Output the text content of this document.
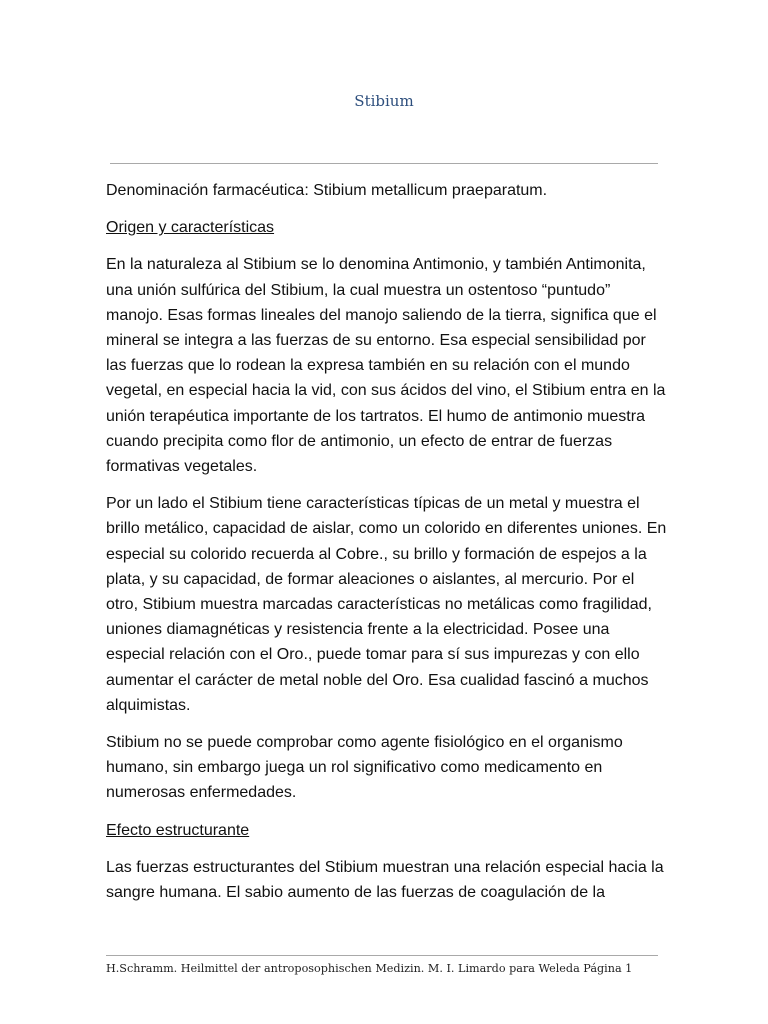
Stibium

Denominación farmacéutica: Stibium metallicum praeparatum.

Origen y características

En la naturaleza al Stibium se lo denomina Antimonio, y también Antimonita, una unión sulfúrica del Stibium, la cual muestra un ostentoso “puntudo” manojo. Esas formas lineales del manojo saliendo de la tierra, significa que el mineral se integra a las fuerzas de su entorno. Esa especial sensibilidad por las fuerzas que lo rodean la expresa también en su relación con el mundo vegetal, en especial hacia la vid, con sus ácidos del vino, el Stibium entra en la unión terapéutica importante de los tartratos. El humo de antimonio muestra cuando precipita como flor de antimonio, un efecto de entrar de fuerzas formativas vegetales.

Por un lado el Stibium tiene características típicas de un metal y muestra el brillo metálico, capacidad de aislar, como un colorido en diferentes uniones. En especial su colorido recuerda al Cobre., su brillo y formación de espejos a la plata, y su capacidad, de formar aleaciones o aislantes, al mercurio. Por el otro, Stibium muestra marcadas características no metálicas como fragilidad, uniones diamagnéticas y resistencia frente a la electricidad. Posee una especial relación con el Oro., puede tomar para sí sus impurezas y con ello aumentar el carácter de metal noble del Oro. Esa cualidad fascinó a muchos alquimistas.

Stibium no se puede comprobar como agente fisiológico en el organismo humano, sin embargo juega un rol significativo como medicamento en numerosas enfermedades.

Efecto estructurante

Las fuerzas estructurantes del Stibium muestran una relación especial hacia la sangre humana. El sabio aumento de las fuerzas de coagulación de la

H.Schramm. Heilmittel der antroposophischen Medizin. M. I. Limardo para Weleda Página 1
